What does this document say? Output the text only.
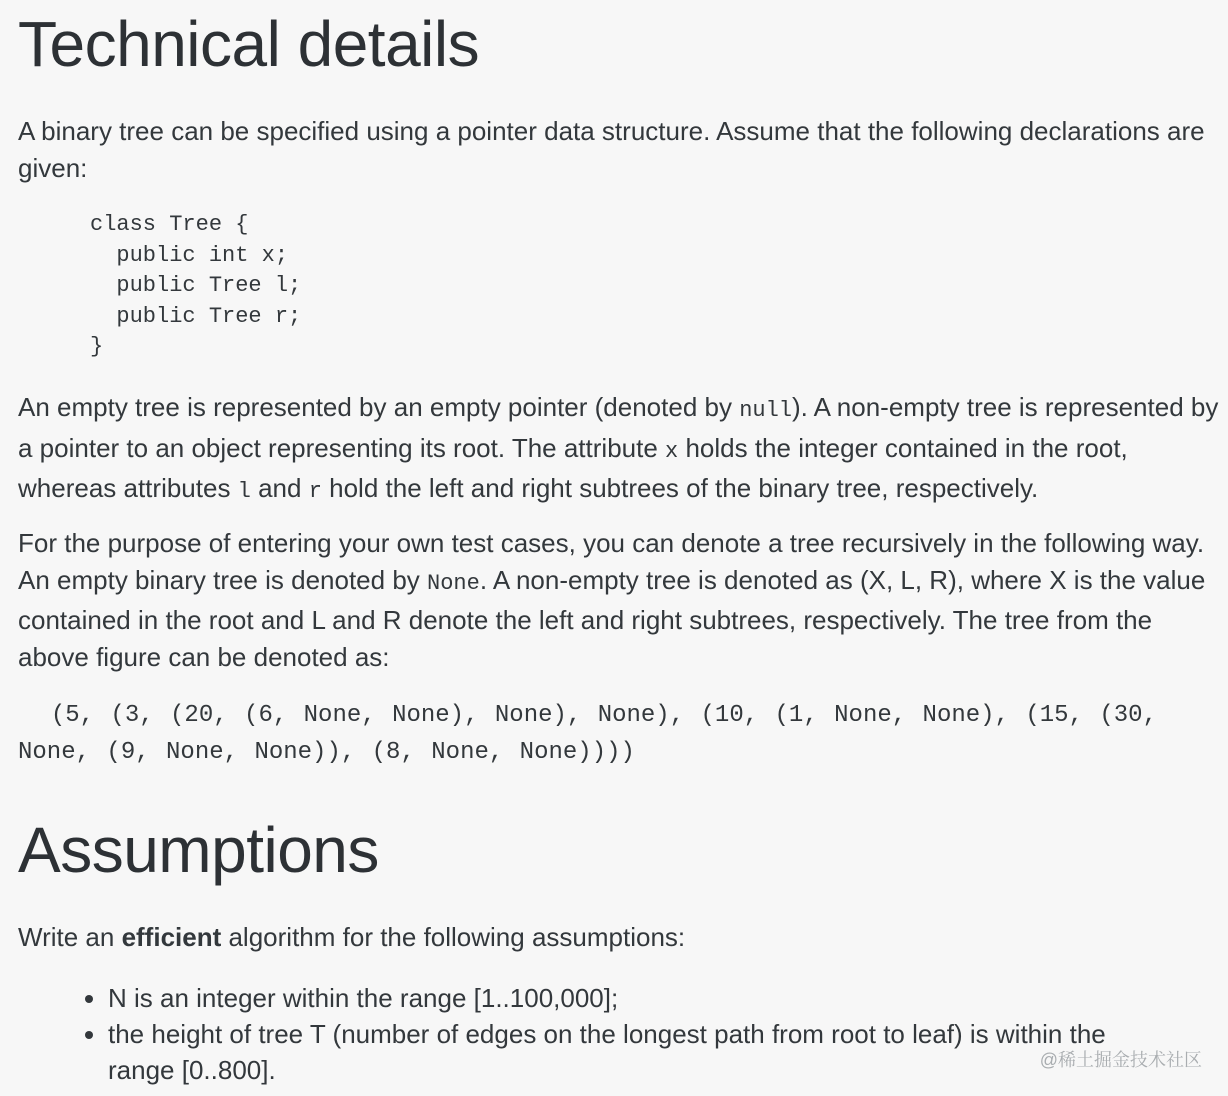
Technical details

A binary tree can be specified using a pointer data structure. Assume that the following declarations are given:

class Tree {
public int x;
public Tree l;
public Tree r;
}

An empty tree is represented by an empty pointer (denoted by null). A non-empty tree is represented by a pointer to an object representing its root. The attribute x holds the integer contained in the root, whereas attributes l and r hold the left and right subtrees of the binary tree, respectively.

For the purpose of entering your own test cases, you can denote a tree recursively in the following way. An empty binary tree is denoted by None. A non-empty tree is denoted as (X, L, R), where X is the value contained in the root and L and R denote the left and right subtrees, respectively. The tree from the above figure can be denoted as:

(5, (3, (20, (6, None, None), None), None), (10, (1, None, None), (15, (30, None, (9, None, None)), (8, None, None))))
Assumptions

Write an efficient algorithm for the following assumptions:

• N is an integer within the range [1..100,000];
• the height of tree T (number of edges on the longest path from root to leaf) is within the range [0..800].	@稀土掘金技术社区
